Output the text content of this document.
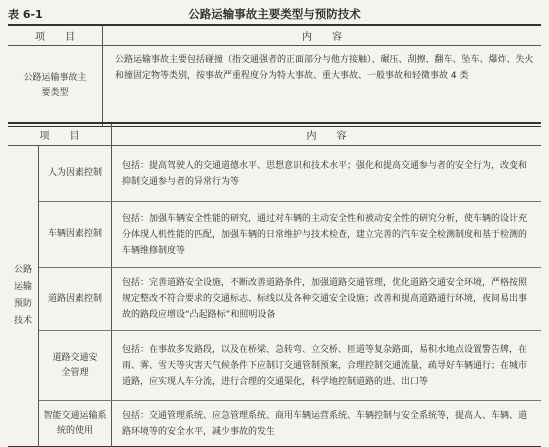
表 6-1	公路运输事故主要类型与预防技术
项　　目	内　　容

公路运输事故主要类型	公路运输事故主要包括碰撞（指交通强者的正面部分与他方接触）、碾压、刮擦、翻车、坠车、爆炸、失火和撞固定物等类别，按事故严重程度分为特大事故、重大事故、一般事故和轻微事故 4 类
项　　目		内　　容

公路运输预防技术	人为因素控制	包括：提高驾驶人的交通道德水平、思想意识和技术水平；强化和提高交通参与者的安全行为，改变和抑制交通参与者的异常行为等
	车辆因素控制	包括：加强车辆安全性能的研究，通过对车辆的主动安全性和被动安全性的研究分析，使车辆的设计充分体现人机性能的匹配，加强车辆的日常维护与技术检查，建立完善的汽车安全检测制度和基于检测的车辆维修制度等
	道路因素控制	包括：完善道路安全设施，不断改善道路条件，加强道路交通管理，优化道路交通安全环境，严格按照规定整改不符合要求的交通标志、标线以及各种交通安全设施；改善和提高道路通行环境，夜间易出事故的路段应增设“凸起路标”和照明设备

	道路交通安全管理	包括：在事故多发路段，以及在桥梁、急转弯、立交桥、匝道等复杂路面，易积水地点设置警告牌，在雨、雾、雪天等灾害天气候条件下应制订交通管制预案，合理控制交通流量，疏导好车辆通行；在城市道路，应实现人车分流，进行合理的交通渠化，科学地控制道路的进、出口等

	智能交通运输系统的使用	包括：交通管理系统、应急管理系统、商用车辆运营系统、车辆控制与安全系统等，提高人、车辆、道路环境等的安全水平，减少事故的发生
